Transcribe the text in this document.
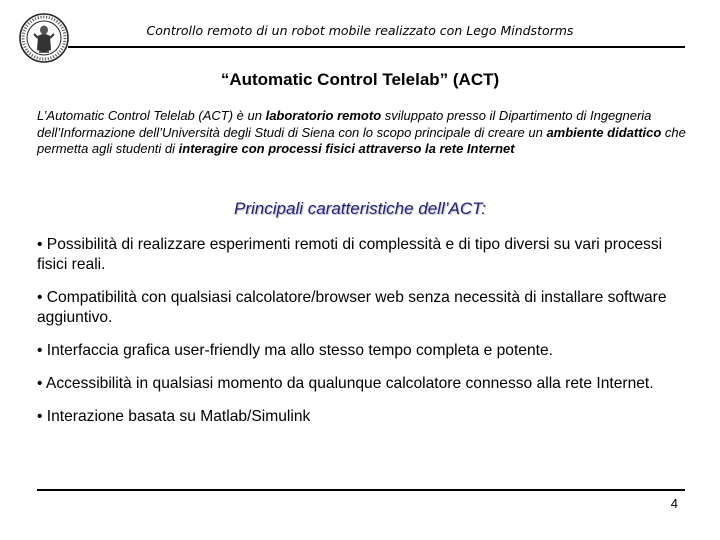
Controllo remoto di un robot mobile realizzato con Lego Mindstorms
“Automatic Control Telelab” (ACT)
L’Automatic Control Telelab (ACT) è un laboratorio remoto sviluppato presso il Dipartimento di Ingegneria dell’Informazione dell’Università degli Studi di Siena con lo scopo principale di creare un ambiente didattico che permetta agli studenti di interagire con processi fisici attraverso la rete Internet
Principali caratteristiche dell’ACT:
• Possibilità di realizzare esperimenti remoti di complessità e di tipo diversi su vari processi fisici reali.
• Compatibilità con qualsiasi calcolatore/browser web senza necessità di installare software aggiuntivo.
• Interfaccia grafica user-friendly ma allo stesso tempo completa e potente.
• Accessibilità in qualsiasi momento da qualunque calcolatore connesso alla rete Internet.
• Interazione basata su Matlab/Simulink
4
